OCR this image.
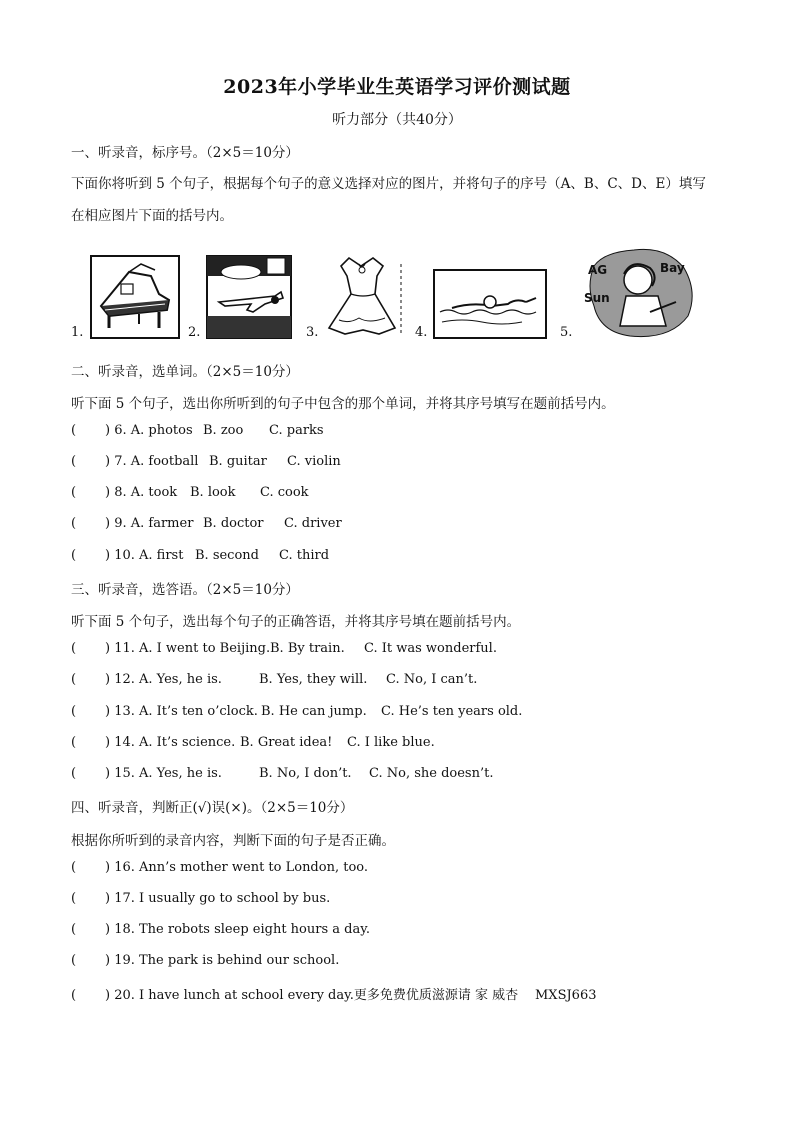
2023年小学毕业生英语学习评价测试题
听力部分（共40分）
一、听录音，标序号。（2×5＝10分）
下面你将听到 5 个句子，根据每个句子的意义选择对应的图片，并将句子的序号（A、B、C、D、E）填写
在相应图片下面的括号内。
1.	2.	3.	4.	5.
AG	Bay
Sun
二、听录音，选单词。（2×5＝10分）
听下面 5 个句子，选出你所听到的句子中包含的那个单词，并将其序号填写在题前括号内。
( ) 6. A. photos B. zoo C. parks
( ) 7. A. football B. guitar C. violin
( ) 8. A. took B. look C. cook
( ) 9. A. farmer B. doctor C. driver
( ) 10. A. first B. second C. third
三、听录音，选答语。（2×5＝10分）
听下面 5 个句子，选出每个句子的正确答语，并将其序号填在题前括号内。
( ) 11. A. I went to Beijing.B. By train. C. It was wonderful.
( ) 12. A. Yes, he is.	B. Yes, they will. C. No, I can’t.
( ) 13. A. It’s ten o’clock. B. He can jump. C. He’s ten years old.
( ) 14. A. It’s science. B. Great idea! C. I like blue.
( ) 15. A. Yes, he is.	B. No, I don’t. C. No, she doesn’t.
四、听录音，判断正(√)误(×)。（2×5＝10分）
根据你所听到的录音内容，判断下面的句子是否正确。
( ) 16. Ann’s mother went to London, too.
( ) 17. I usually go to school by bus.
( ) 18. The robots sleep eight hours a day.
( ) 19. The park is behind our school.
( ) 20. I have lunch at school every day.更多免费优质滋源请 家 威杏 MXSJ663
